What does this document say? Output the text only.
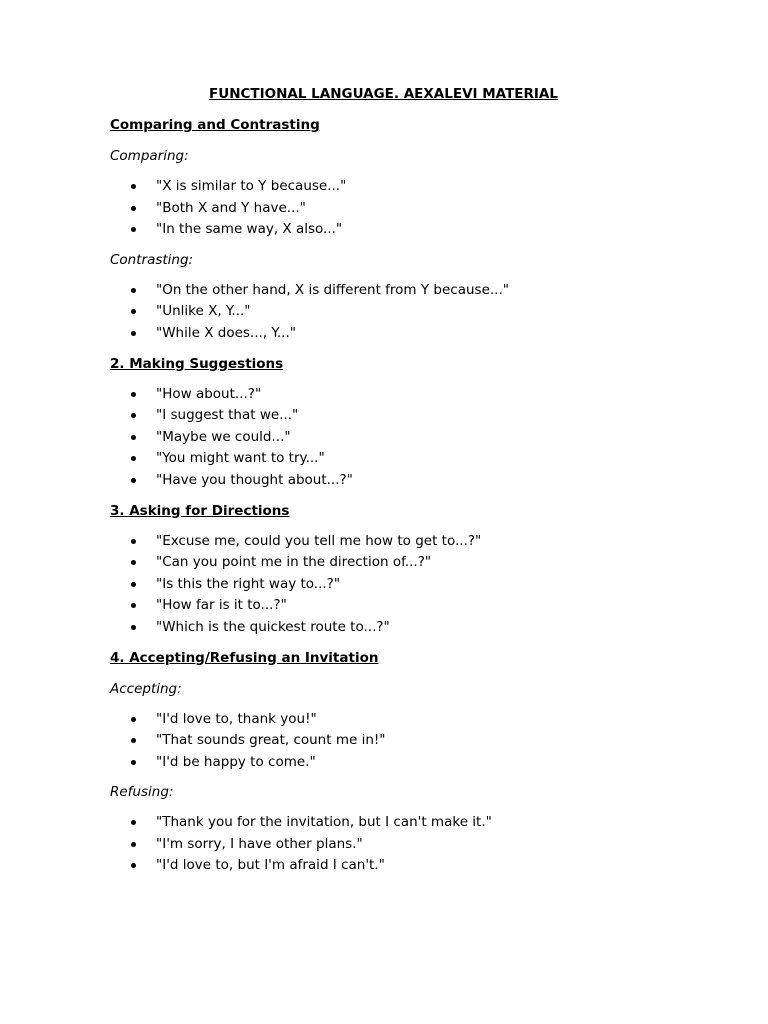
FUNCTIONAL LANGUAGE. AEXALEVI MATERIAL
Comparing and Contrasting
Comparing:
"X is similar to Y because..."
"Both X and Y have..."
"In the same way, X also..."
Contrasting:
"On the other hand, X is different from Y because..."
"Unlike X, Y..."
"While X does..., Y..."
2. Making Suggestions
"How about...?"
"I suggest that we..."
"Maybe we could..."
"You might want to try..."
"Have you thought about...?"
3. Asking for Directions
"Excuse me, could you tell me how to get to...?"
"Can you point me in the direction of...?"
"Is this the right way to...?"
"How far is it to...?"
"Which is the quickest route to...?"
4. Accepting/Refusing an Invitation
Accepting:
"I'd love to, thank you!"
"That sounds great, count me in!"
"I'd be happy to come."
Refusing:
"Thank you for the invitation, but I can't make it."
"I'm sorry, I have other plans."
"I'd love to, but I'm afraid I can't."
